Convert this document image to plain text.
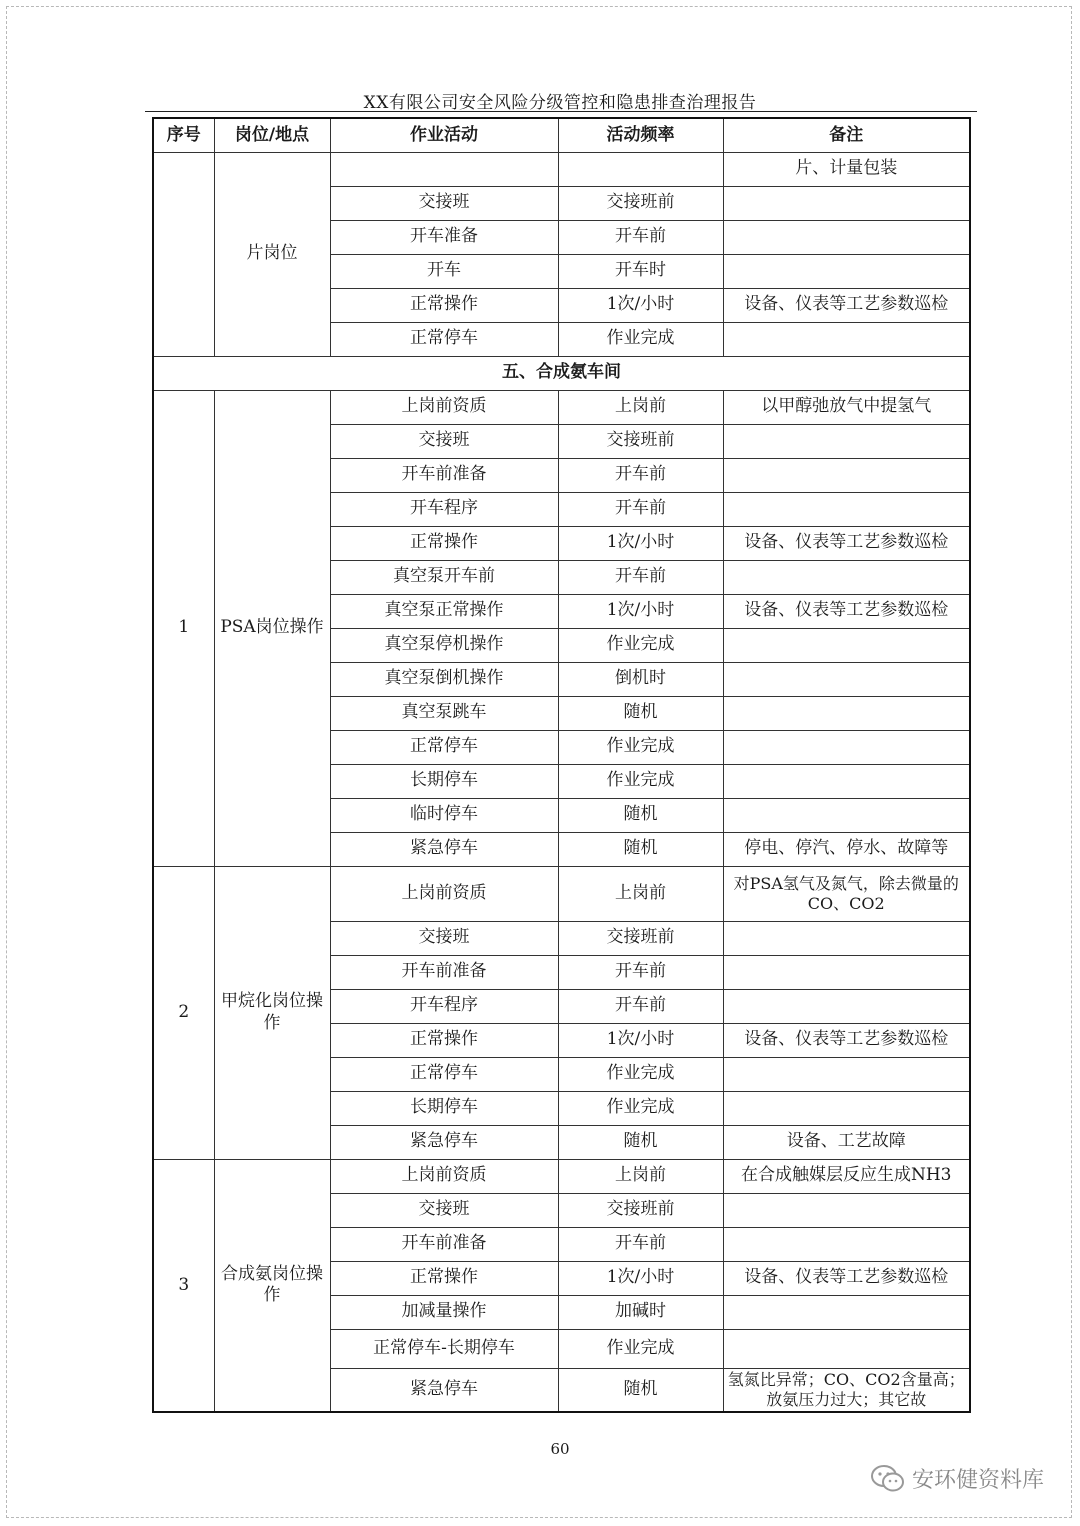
XX有限公司安全风险分级管控和隐患排查治理报告
序号	岗位/地点	作业活动	活动频率	备注
	片岗位			片、计量包装
		交接班	交接班前	
		开车准备	开车前	
		开车	开车时	
		正常操作	1次/小时	设备、仪表等工艺参数巡检
		正常停车	作业完成	
五、合成氨车间				
1	PSA岗位操作	上岗前资质	上岗前	以甲醇弛放气中提氢气
		交接班	交接班前	
		开车前准备	开车前	
		开车程序	开车前	
		正常操作	1次/小时	设备、仪表等工艺参数巡检
		真空泵开车前	开车前	
		真空泵正常操作	1次/小时	设备、仪表等工艺参数巡检
		真空泵停机操作	作业完成	
		真空泵倒机操作	倒机时	
		真空泵跳车	随机	
		正常停车	作业完成	
		长期停车	作业完成	
		临时停车	随机	
		紧急停车	随机	停电、停汽、停水、故障等
2	甲烷化岗位操作	上岗前资质	上岗前	对PSA氢气及氮气，除去微量的CO、CO2
		交接班	交接班前	
		开车前准备	开车前	
		开车程序	开车前	
		正常操作	1次/小时	设备、仪表等工艺参数巡检
		正常停车	作业完成	
		长期停车	作业完成	
		紧急停车	随机	设备、工艺故障
3	合成氨岗位操作	上岗前资质	上岗前	在合成触媒层反应生成NH3
		交接班	交接班前	
		开车前准备	开车前	
		正常操作	1次/小时	设备、仪表等工艺参数巡检
		加减量操作	加碱时	
		正常停车-长期停车	作业完成	
		紧急停车	随机	氢氮比异常；CO、CO2含量高；放氨压力过大；其它故
60
安环健资料库
